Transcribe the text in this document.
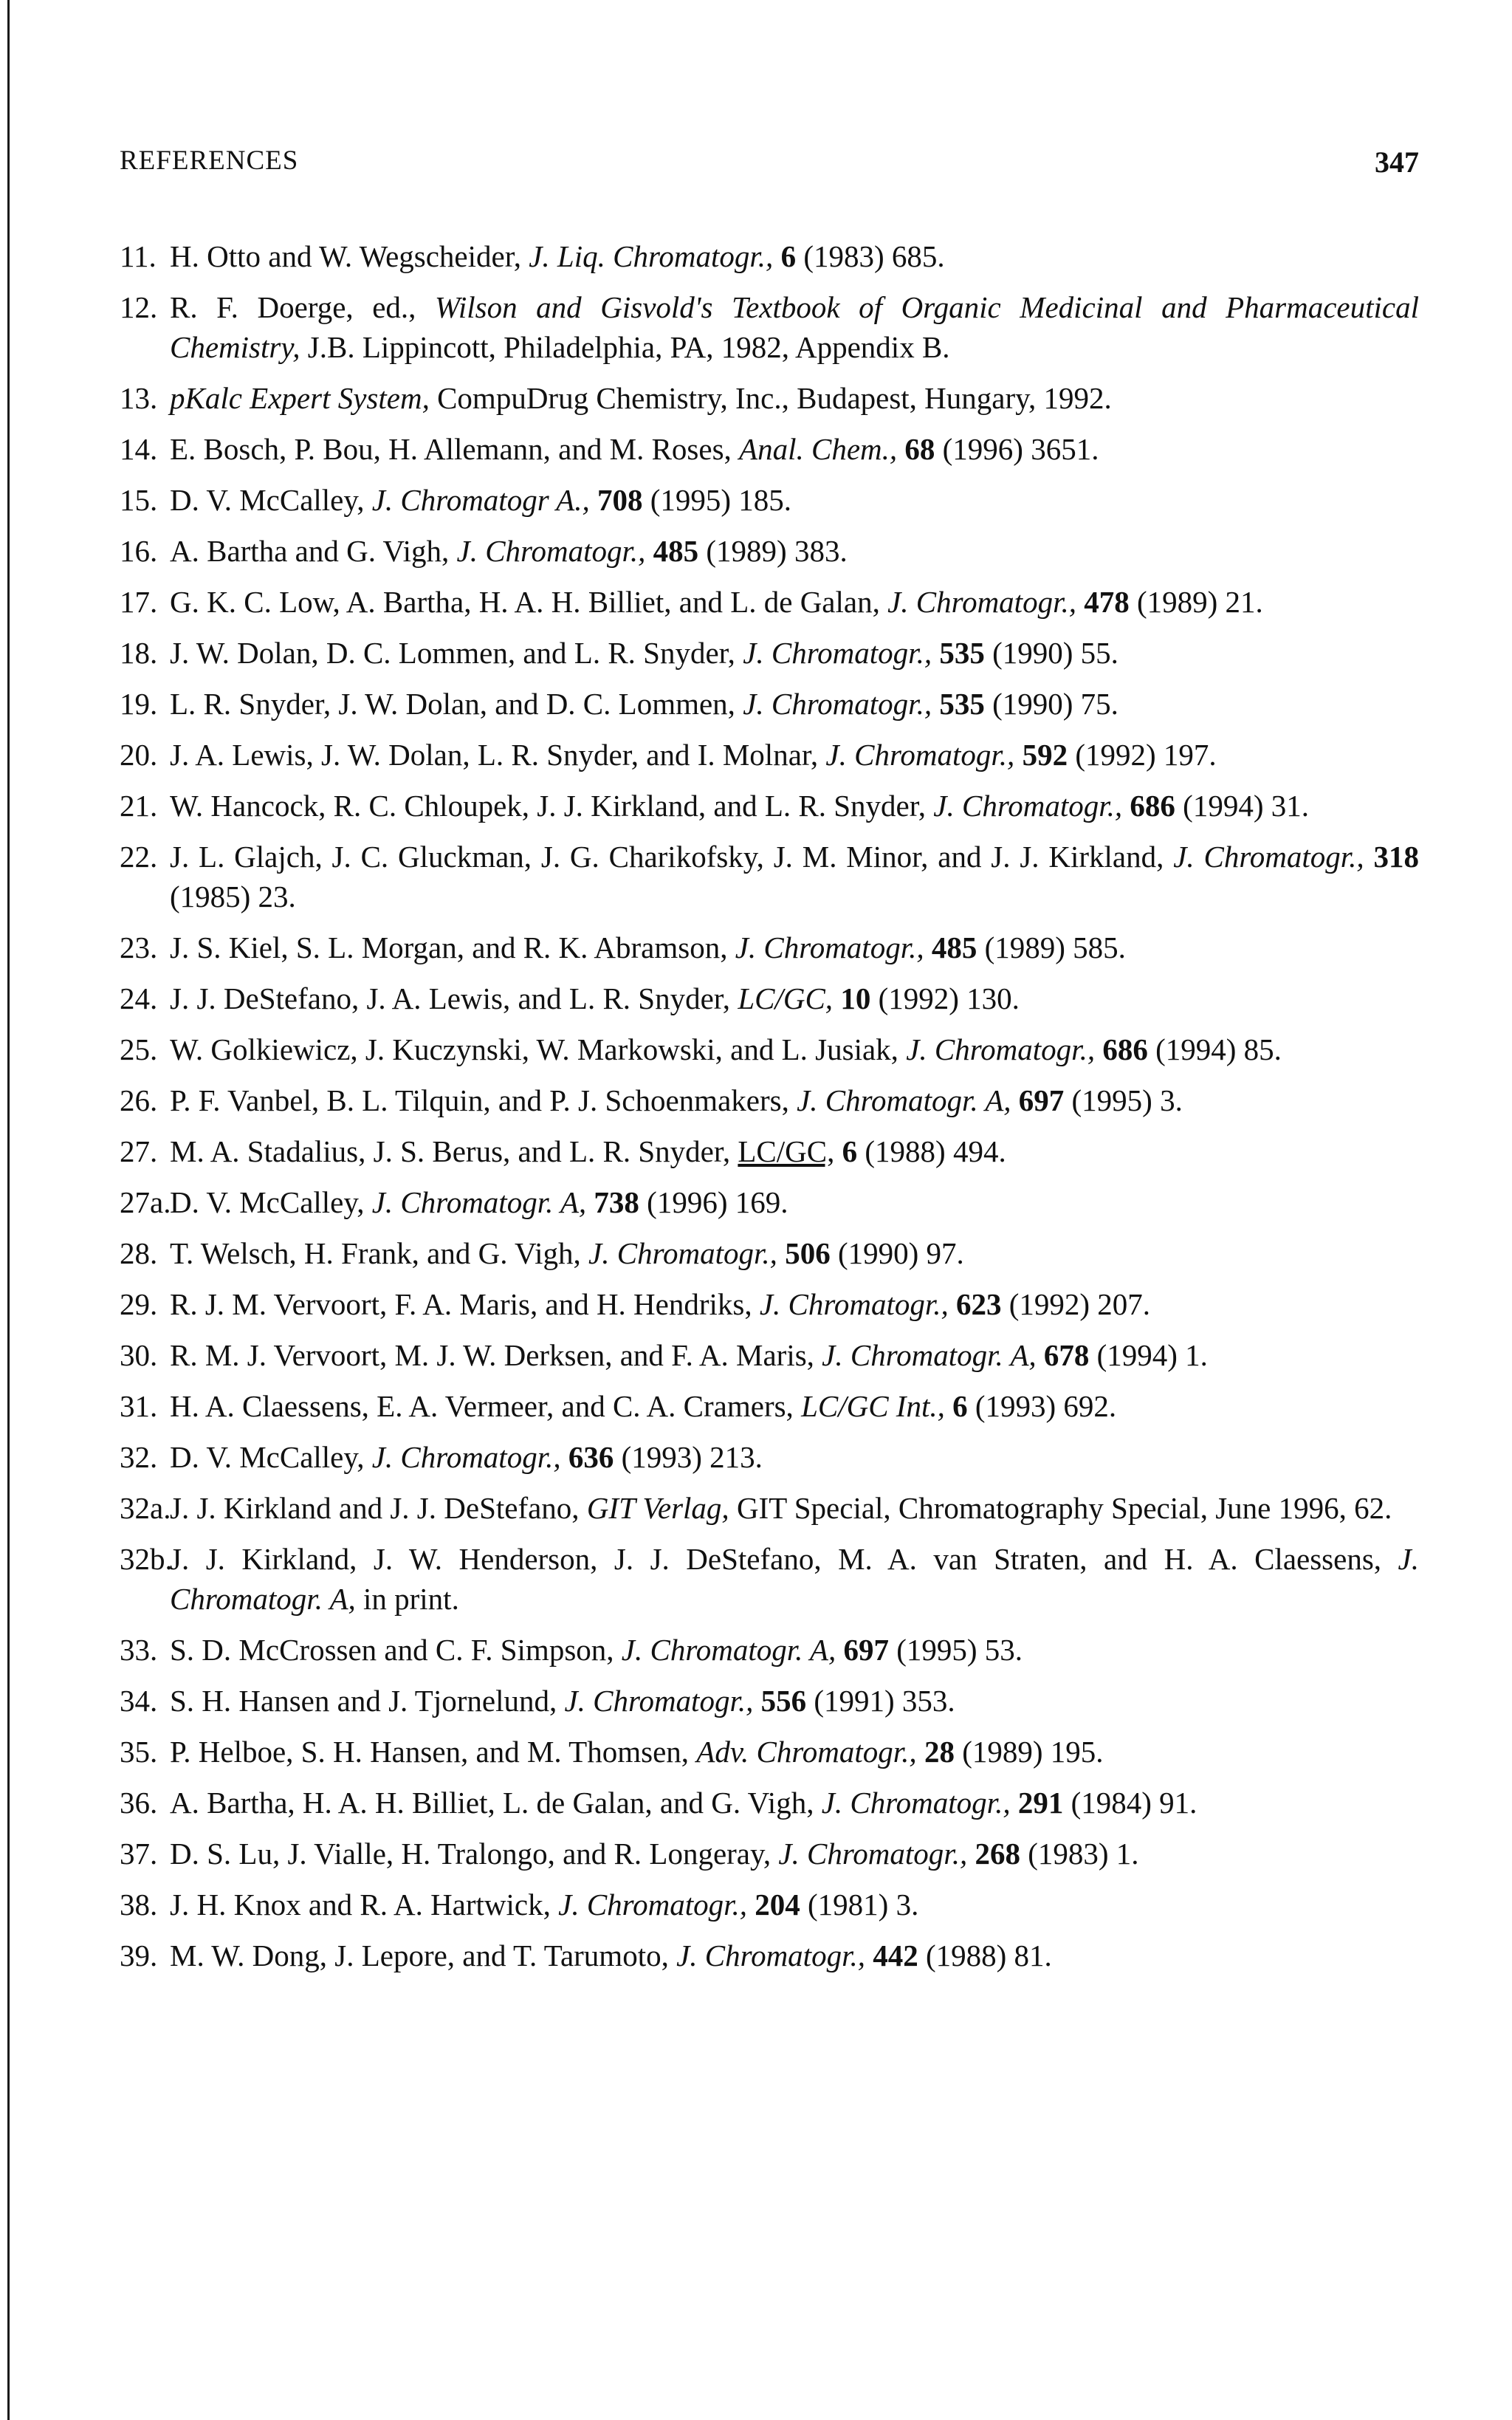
REFERENCES	347
11. H. Otto and W. Wegscheider, J. Liq. Chromatogr., 6 (1983) 685.
12. R. F. Doerge, ed., Wilson and Gisvold's Textbook of Organic Medicinal and Pharmaceutical Chemistry, J.B. Lippincott, Philadelphia, PA, 1982, Appendix B.
13. pKalc Expert System, CompuDrug Chemistry, Inc., Budapest, Hungary, 1992.
14. E. Bosch, P. Bou, H. Allemann, and M. Roses, Anal. Chem., 68 (1996) 3651.
15. D. V. McCalley, J. Chromatogr A., 708 (1995) 185.
16. A. Bartha and G. Vigh, J. Chromatogr., 485 (1989) 383.
17. G. K. C. Low, A. Bartha, H. A. H. Billiet, and L. de Galan, J. Chromatogr., 478 (1989) 21.
18. J. W. Dolan, D. C. Lommen, and L. R. Snyder, J. Chromatogr., 535 (1990) 55.
19. L. R. Snyder, J. W. Dolan, and D. C. Lommen, J. Chromatogr., 535 (1990) 75.
20. J. A. Lewis, J. W. Dolan, L. R. Snyder, and I. Molnar, J. Chromatogr., 592 (1992) 197.
21. W. Hancock, R. C. Chloupek, J. J. Kirkland, and L. R. Snyder, J. Chromatogr., 686 (1994) 31.
22. J. L. Glajch, J. C. Gluckman, J. G. Charikofsky, J. M. Minor, and J. J. Kirkland, J. Chromatogr., 318 (1985) 23.
23. J. S. Kiel, S. L. Morgan, and R. K. Abramson, J. Chromatogr., 485 (1989) 585.
24. J. J. DeStefano, J. A. Lewis, and L. R. Snyder, LC/GC, 10 (1992) 130.
25. W. Golkiewicz, J. Kuczynski, W. Markowski, and L. Jusiak, J. Chromatogr., 686 (1994) 85.
26. P. F. Vanbel, B. L. Tilquin, and P. J. Schoenmakers, J. Chromatogr. A, 697 (1995) 3.
27. M. A. Stadalius, J. S. Berus, and L. R. Snyder, LC/GC, 6 (1988) 494.
27a.
D. V. McCalley, J. Chromatogr. A, 738 (1996) 169.
28. T. Welsch, H. Frank, and G. Vigh, J. Chromatogr., 506 (1990) 97.
29. R. J. M. Vervoort, F. A. Maris, and H. Hendriks, J. Chromatogr., 623 (1992) 207.
30. R. M. J. Vervoort, M. J. W. Derksen, and F. A. Maris, J. Chromatogr. A, 678 (1994) 1.
31. H. A. Claessens, E. A. Vermeer, and C. A. Cramers, LC/GC Int., 6 (1993) 692.
32. D. V. McCalley, J. Chromatogr., 636 (1993) 213.
32a.
J. J. Kirkland and J. J. DeStefano, GIT Verlag, GIT Special, Chromatography Special, June 1996, 62.
32b.
J. J. Kirkland, J. W. Henderson, J. J. DeStefano, M. A. van Straten, and H. A. Claessens, J. Chromatogr. A, in print.
33. S. D. McCrossen and C. F. Simpson, J. Chromatogr. A, 697 (1995) 53.
34. S. H. Hansen and J. Tjornelund, J. Chromatogr., 556 (1991) 353.
35. P. Helboe, S. H. Hansen, and M. Thomsen, Adv. Chromatogr., 28 (1989) 195.
36. A. Bartha, H. A. H. Billiet, L. de Galan, and G. Vigh, J. Chromatogr., 291 (1984) 91.
37. D. S. Lu, J. Vialle, H. Tralongo, and R. Longeray, J. Chromatogr., 268 (1983) 1.
38. J. H. Knox and R. A. Hartwick, J. Chromatogr., 204 (1981) 3.
39. M. W. Dong, J. Lepore, and T. Tarumoto, J. Chromatogr., 442 (1988) 81.
